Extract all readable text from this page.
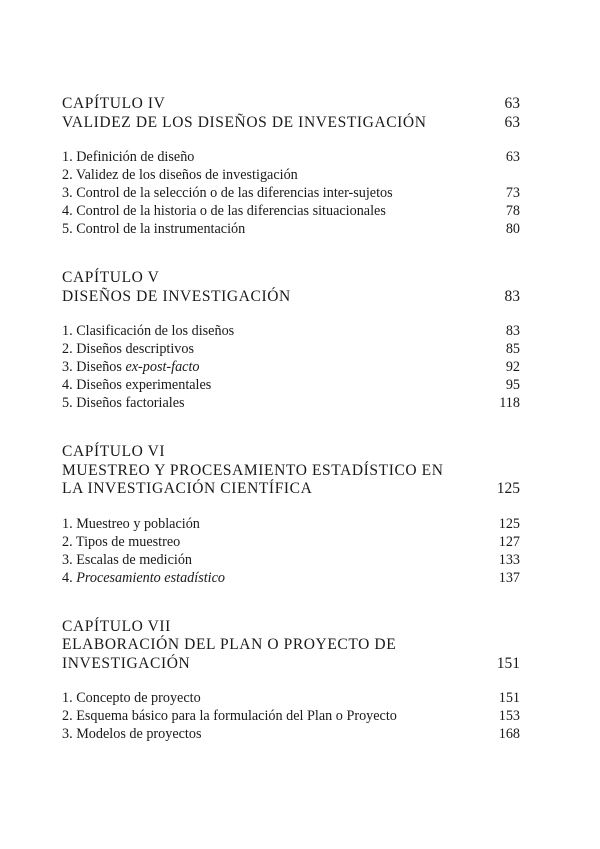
CAPÍTULO IV	63
VALIDEZ DE LOS DISEÑOS DE INVESTIGACIÓN	63
1. Definición de diseño	63
2. Validez de los diseños de investigación
3. Control de la selección o de las diferencias inter-sujetos	73
4. Control de la historia o de las diferencias situacionales	78
5. Control de la instrumentación	80
CAPÍTULO V
DISEÑOS DE INVESTIGACIÓN	83
1. Clasificación de los diseños	83
2. Diseños descriptivos	85
3. Diseños ex-post-facto	92
4. Diseños experimentales	95
5. Diseños factoriales	118
CAPÍTULO VI
MUESTREO Y PROCESAMIENTO ESTADÍSTICO EN
LA INVESTIGACIÓN CIENTÍFICA	125
1. Muestreo y población	125
2. Tipos de muestreo	127
3. Escalas de medición	133
4. Procesamiento estadístico	137
CAPÍTULO VII
ELABORACIÓN DEL PLAN O PROYECTO DE
INVESTIGACIÓN	151
1. Concepto de proyecto	151
2. Esquema básico para la formulación del Plan o Proyecto	153
3. Modelos de proyectos	168
